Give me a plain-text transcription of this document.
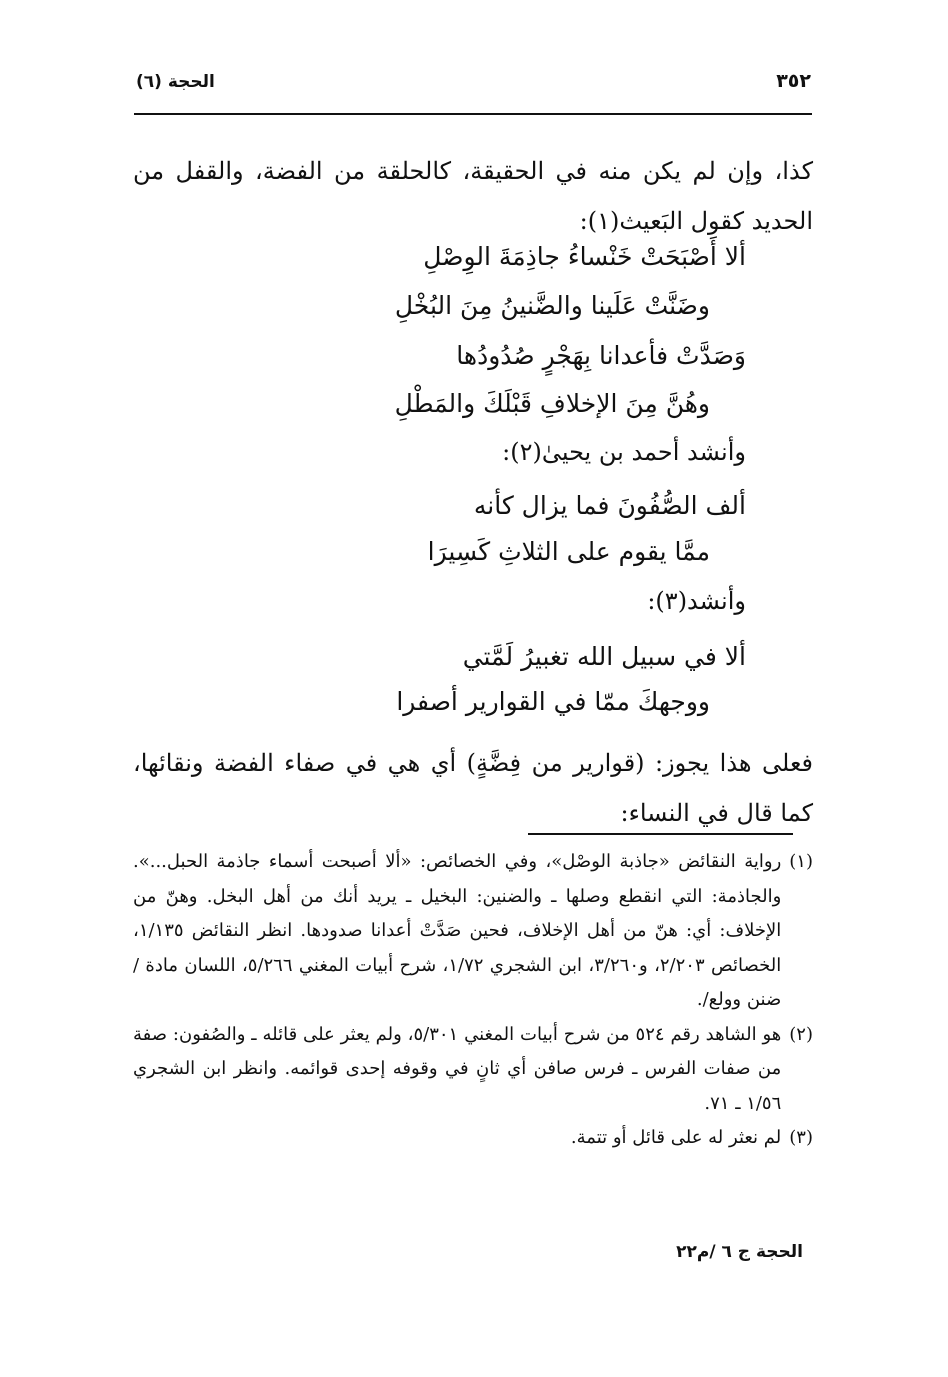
٣٥٢
الحجة (٦)

كذا، وإن لم يكن منه في الحقيقة، كالحلقة من الفضة، والقفل من الحديد كقول البَعيث(١):

ألا أَصْبَحَتْ خَنْساءُ جاذِمَةَ الوِصْلِ
وضَنَّتْ عَلَينا والضَّنينُ مِنَ البُخْلِ
وَصَدَّتْ فأعدانا بِهَجْرٍ صُدُودُها
وهُنَّ مِنَ الإخلافِ قَبْلَكَ والمَطْلِ
وأنشد أحمد بن يحيىٰ(٢):
ألف الصُّفُونَ فما يزال كأنه
ممَّا يقوم على الثلاثِ كَسِيرَا
وأنشد(٣):
ألا في سبيل الله تغبيرُ لَمَّتي
ووجهكَ ممّا في القوارير أصفرا

فعلى هذا يجوز: (قوارير من فِضَّةٍ) أي هي في صفاء الفضة ونقائها، كما قال في النساء:

(١)
رواية النقائض «جاذبة الوصْل»، وفي الخصائص: «ألا أصبحت أسماء جاذمة الحبل...». والجاذمة: التي انقطع وصلها ـ والضنين: البخيل ـ يريد أنك من أهل البخل. وهنّ من الإخلاف: أي: هنّ من أهل الإخلاف، فحين صَدَّتْ أعدانا صدودها. انظر النقائض ١/١٣٥، الخصائص ٢/٢٠٣، و٣/٢٦٠، ابن الشجري ١/٧٢، شرح أبيات المغني ٥/٢٦٦، اللسان مادة /ضنن وولع/.
(٢)
هو الشاهد رقم ٥٢٤ من شرح أبيات المغني ٥/٣٠١، ولم يعثر على قائله ـ والصُفون: صفة من صفات الفرس ـ فرس صافن أي ثانٍ في وقوفه إحدى قوائمه. وانظر ابن الشجري ١/٥٦ ـ ٧١.
(٣)
لم نعثر له على قائل أو تتمة.
الحجة ج ٦ /م٢٢
